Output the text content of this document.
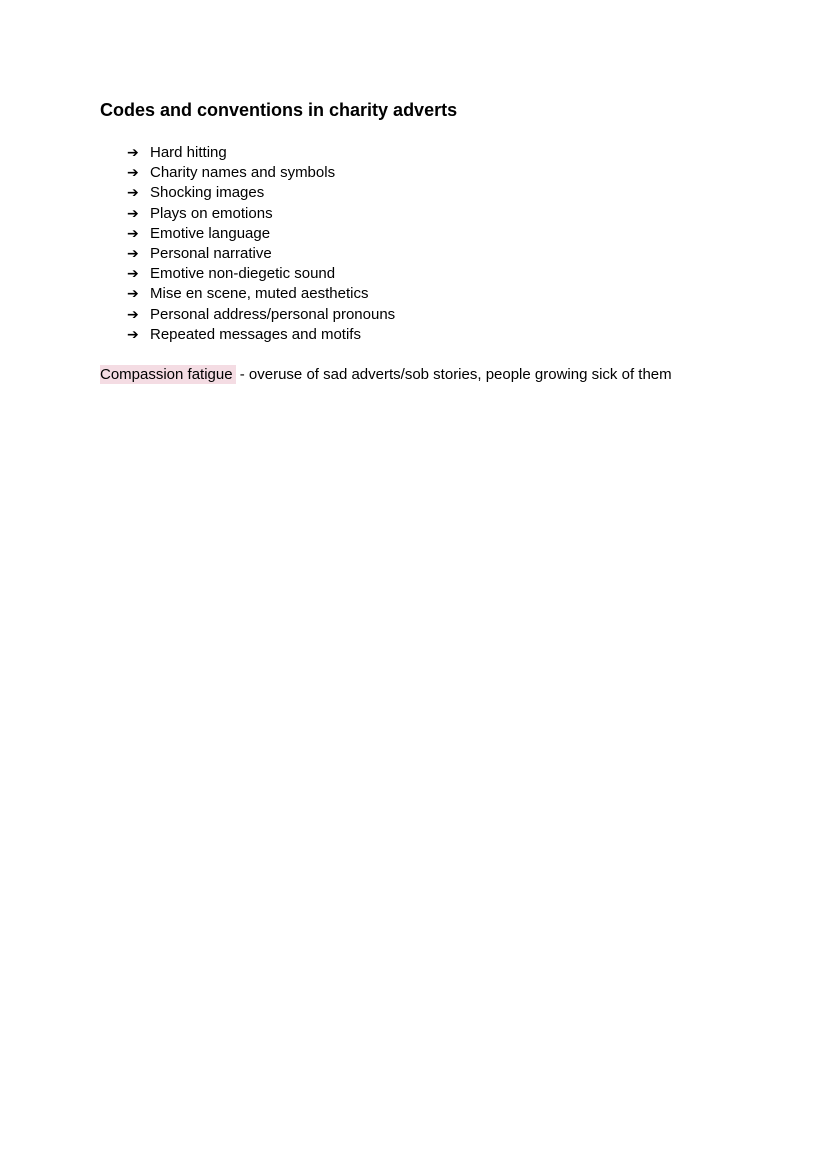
Codes and conventions in charity adverts
➔ Hard hitting
➔ Charity names and symbols
➔ Shocking images
➔ Plays on emotions
➔ Emotive language
➔ Personal narrative
➔ Emotive non-diegetic sound
➔ Mise en scene, muted aesthetics
➔ Personal address/personal pronouns
➔ Repeated messages and motifs

Compassion fatigue - overuse of sad adverts/sob stories, people growing sick of them
